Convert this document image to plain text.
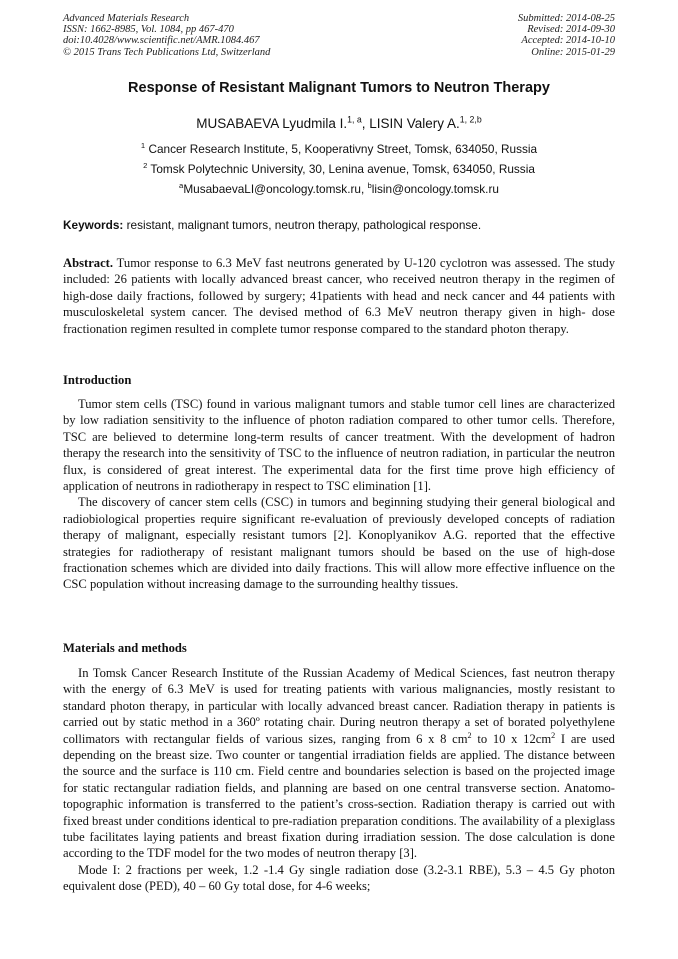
Advanced Materials Research
ISSN: 1662-8985, Vol. 1084, pp 467-470
doi:10.4028/www.scientific.net/AMR.1084.467
© 2015 Trans Tech Publications Ltd, Switzerland
Submitted: 2014-08-25
Revised: 2014-09-30
Accepted: 2014-10-10
Online: 2015-01-29
Response of Resistant Malignant Tumors to Neutron Therapy
MUSABAEVA Lyudmila I.$^{1, a}$, LISIN Valery A.$^{1, 2,b}$
$^1$ Cancer Research Institute, 5, Kooperativny Street, Tomsk, 634050, Russia
$^2$ Tomsk Polytechnic University, 30, Lenina avenue, Tomsk, 634050, Russia
$^a$MusabaevaLI@oncology.tomsk.ru, $^b$lisin@oncology.tomsk.ru
Keywords: resistant, malignant tumors, neutron therapy, pathological response.

Abstract. Tumor response to 6.3 MeV fast neutrons generated by U-120 cyclotron was assessed. The study included: 26 patients with locally advanced breast cancer, who received neutron therapy in the regimen of high-dose daily fractions, followed by surgery; 41patients with head and neck cancer and 44 patients with musculoskeletal system cancer. The devised method of 6.3 MeV neutron therapy given in high- dose fractionation regimen resulted in complete tumor response compared to the standard photon therapy.

Introduction

Tumor stem cells (TSC) found in various malignant tumors and stable tumor cell lines are characterized by low radiation sensitivity to the influence of photon radiation compared to other tumor cells. Therefore, TSC are believed to determine long-term results of cancer treatment. With the development of hadron therapy the research into the sensitivity of TSC to the influence of neutron radiation, in particular the neutron flux, is considered of great interest. The experimental data for the first time prove high efficiency of application of neutrons in radiotherapy in respect to TSC elimination [1].

The discovery of cancer stem cells (CSC) in tumors and beginning studying their general biological and radiobiological properties require significant re-evaluation of previously developed concepts of radiation therapy of malignant, especially resistant tumors [2]. Konoplyanikov A.G. reported that the effective strategies for radiotherapy of resistant malignant tumors should be based on the use of high-dose fractionation schemes which are divided into daily fractions. This will allow more effective influence on the CSC population without increasing damage to the surrounding healthy tissues.

Materials and methods

In Tomsk Cancer Research Institute of the Russian Academy of Medical Sciences, fast neutron therapy with the energy of 6.3 MeV is used for treating patients with various malignancies, mostly resistant to standard photon therapy, in particular with locally advanced breast cancer. Radiation therapy in patients is carried out by static method in a 360º rotating chair. During neutron therapy a set of borated polyethylene collimators with rectangular fields of various sizes, ranging from 6 x 8 $cm^2$ to 10 x $12cm^2$ I are used depending on the breast size. Two counter or tangential irradiation fields are applied. The distance between the source and the surface is 110 cm. Field centre and boundaries selection is based on the projected image for static rectangular radiation fields, and planning are based on one central transverse section. Anatomo-topographic information is transferred to the patient’s cross-section. Radiation therapy is carried out with fixed breast under conditions identical to pre-radiation preparation conditions. The availability of a plexiglass tube facilitates laying patients and breast fixation during irradiation session. The dose calculation is done according to the TDF model for the two modes of neutron therapy [3].

Mode I: 2 fractions per week, 1.2 -1.4 Gy single radiation dose (3.2-3.1 RBE), 5.3 – 4.5 Gy photon equivalent dose (PED), 40 – 60 Gy total dose, for 4-6 weeks;
